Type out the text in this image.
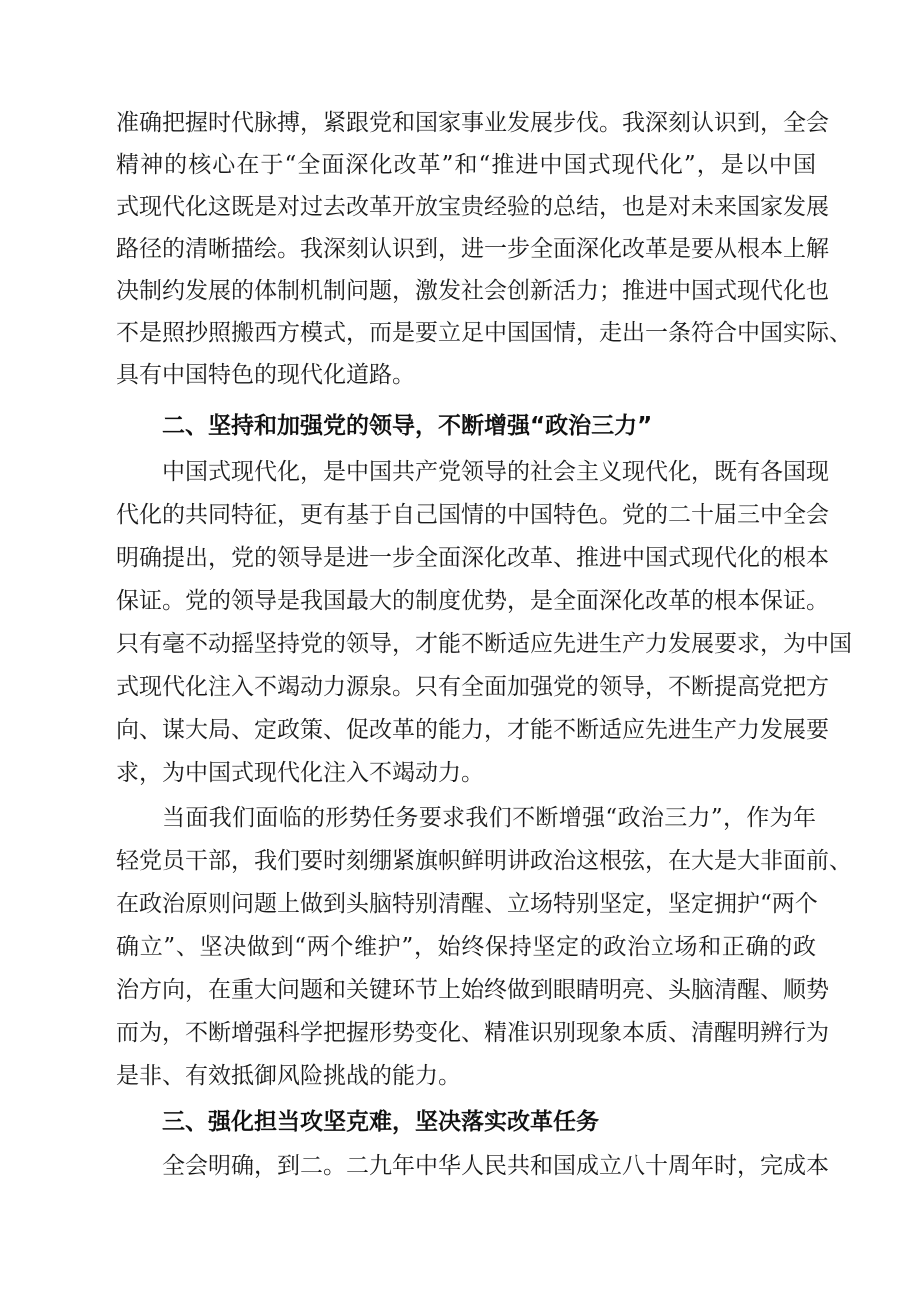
准确把握时代脉搏，紧跟党和国家事业发展步伐。我深刻认识到，全会
精神的核心在于“全面深化改革”和“推进中国式现代化”，是以中国
式现代化这既是对过去改革开放宝贵经验的总结，也是对未来国家发展
路径的清晰描绘。我深刻认识到，进一步全面深化改革是要从根本上解
决制约发展的体制机制问题，激发社会创新活力；推进中国式现代化也
不是照抄照搬西方模式，而是要立足中国国情，走出一条符合中国实际、
具有中国特色的现代化道路。
二、坚持和加强党的领导，不断增强“政治三力”
中国式现代化，是中国共产党领导的社会主义现代化，既有各国现
代化的共同特征，更有基于自己国情的中国特色。党的二十届三中全会
明确提出，党的领导是进一步全面深化改革、推进中国式现代化的根本
保证。党的领导是我国最大的制度优势，是全面深化改革的根本保证。
只有毫不动摇坚持党的领导，才能不断适应先进生产力发展要求，为中国
式现代化注入不竭动力源泉。只有全面加强党的领导，不断提高党把方
向、谋大局、定政策、促改革的能力，才能不断适应先进生产力发展要
求，为中国式现代化注入不竭动力。
当面我们面临的形势任务要求我们不断增强“政治三力”，作为年
轻党员干部，我们要时刻绷紧旗帜鲜明讲政治这根弦，在大是大非面前、
在政治原则问题上做到头脑特别清醒、立场特别坚定，坚定拥护“两个
确立”、坚决做到“两个维护”，始终保持坚定的政治立场和正确的政
治方向，在重大问题和关键环节上始终做到眼睛明亮、头脑清醒、顺势
而为，不断增强科学把握形势变化、精准识别现象本质、清醒明辨行为
是非、有效抵御风险挑战的能力。
三、强化担当攻坚克难，坚决落实改革任务
全会明确，到二。二九年中华人民共和国成立八十周年时，完成本
